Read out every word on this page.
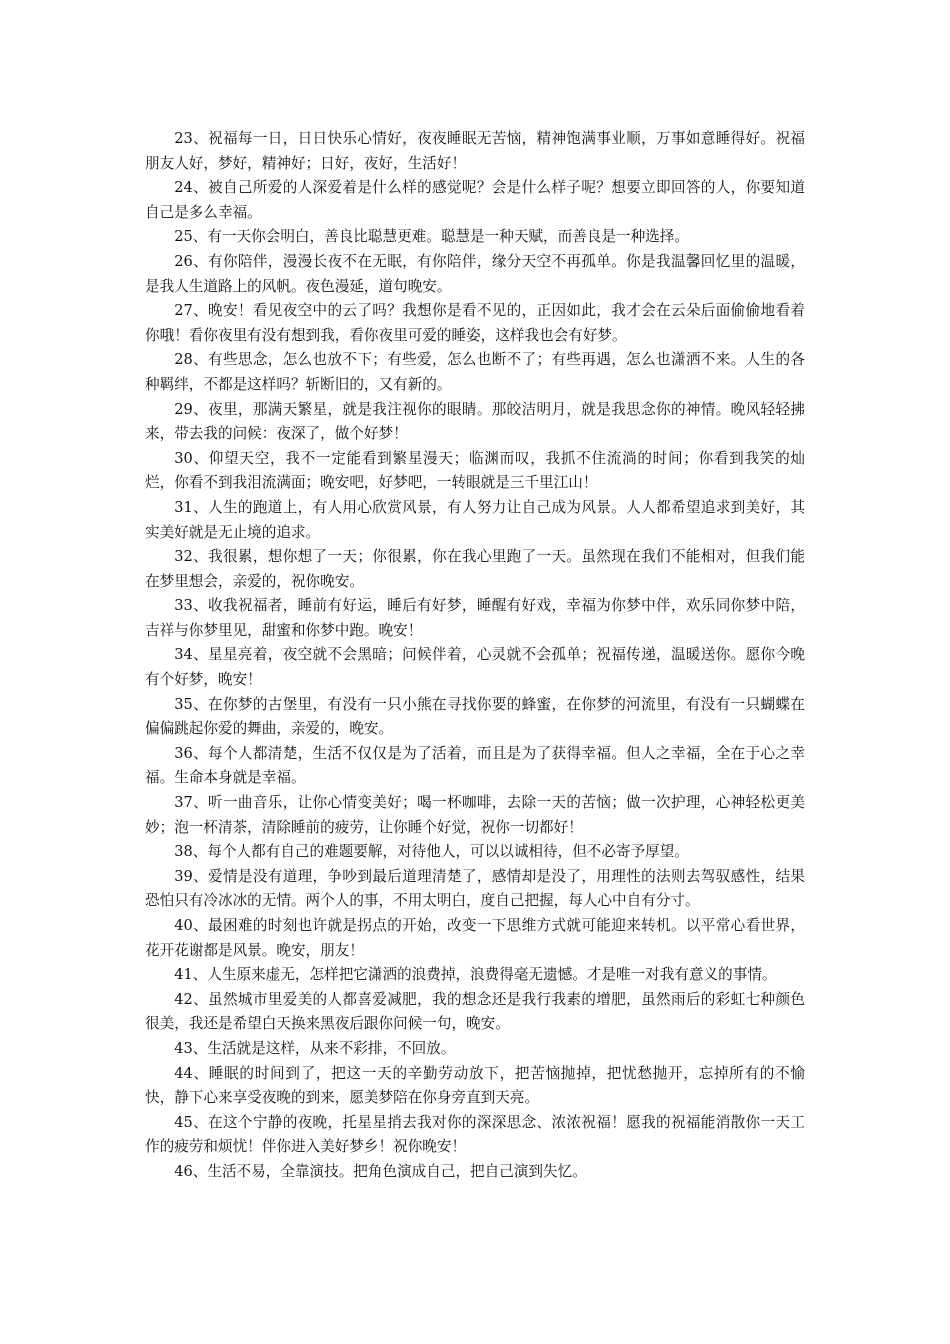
23、祝福每一日，日日快乐心情好，夜夜睡眠无苦恼，精神饱满事业顺，万事如意睡得好。祝福朋友人好，梦好，精神好；日好，夜好，生活好！

24、被自己所爱的人深爱着是什么样的感觉呢？会是什么样子呢？想要立即回答的人，你要知道自己是多么幸福。

25、有一天你会明白，善良比聪慧更难。聪慧是一种天赋，而善良是一种选择。

26、有你陪伴，漫漫长夜不在无眠，有你陪伴，缘分天空不再孤单。你是我温馨回忆里的温暖，是我人生道路上的风帆。夜色漫延，道句晚安。

27、晚安！看见夜空中的云了吗？我想你是看不见的，正因如此，我才会在云朵后面偷偷地看着你哦！看你夜里有没有想到我，看你夜里可爱的睡姿，这样我也会有好梦。

28、有些思念，怎么也放不下；有些爱，怎么也断不了；有些再遇，怎么也潇洒不来。人生的各种羁绊，不都是这样吗？斩断旧的，又有新的。

29、夜里，那满天繁星，就是我注视你的眼睛。那皎洁明月，就是我思念你的神情。晚风轻轻拂来，带去我的问候：夜深了，做个好梦！

30、仰望天空，我不一定能看到繁星漫天；临渊而叹，我抓不住流淌的时间；你看到我笑的灿烂，你看不到我泪流满面；晚安吧，好梦吧，一转眼就是三千里江山！

31、人生的跑道上，有人用心欣赏风景，有人努力让自己成为风景。人人都希望追求到美好，其实美好就是无止境的追求。

32、我很累，想你想了一天；你很累，你在我心里跑了一天。虽然现在我们不能相对，但我们能在梦里想会，亲爱的，祝你晚安。

33、收我祝福者，睡前有好运，睡后有好梦，睡醒有好戏，幸福为你梦中伴，欢乐同你梦中陪，吉祥与你梦里见，甜蜜和你梦中跑。晚安！

34、星星亮着，夜空就不会黑暗；问候伴着，心灵就不会孤单；祝福传递，温暖送你。愿你今晚有个好梦，晚安！

35、在你梦的古堡里，有没有一只小熊在寻找你要的蜂蜜，在你梦的河流里，有没有一只蝴蝶在偏偏跳起你爱的舞曲，亲爱的，晚安。

36、每个人都清楚，生活不仅仅是为了活着，而且是为了获得幸福。但人之幸福，全在于心之幸福。生命本身就是幸福。

37、听一曲音乐，让你心情变美好；喝一杯咖啡，去除一天的苦恼；做一次护理，心神轻松更美妙；泡一杯清茶，清除睡前的疲劳，让你睡个好觉，祝你一切都好！

38、每个人都有自己的难题要解，对待他人，可以以诚相待，但不必寄予厚望。

39、爱情是没有道理，争吵到最后道理清楚了，感情却是没了，用理性的法则去驾驭感性，结果恐怕只有冷冰冰的无情。两个人的事，不用太明白，度自己把握，每人心中自有分寸。

40、最困难的时刻也许就是拐点的开始，改变一下思维方式就可能迎来转机。以平常心看世界，花开花谢都是风景。晚安，朋友！

41、人生原来虚无，怎样把它潇洒的浪费掉，浪费得毫无遗憾。才是唯一对我有意义的事情。

42、虽然城市里爱美的人都喜爱减肥，我的想念还是我行我素的增肥，虽然雨后的彩虹七种颜色很美，我还是希望白天换来黑夜后跟你问候一句，晚安。

43、生活就是这样，从来不彩排，不回放。

44、睡眠的时间到了，把这一天的辛勤劳动放下，把苦恼抛掉，把忧愁抛开，忘掉所有的不愉快，静下心来享受夜晚的到来，愿美梦陪在你身旁直到天亮。

45、在这个宁静的夜晚，托星星捎去我对你的深深思念、浓浓祝福！愿我的祝福能消散你一天工作的疲劳和烦忧！伴你进入美好梦乡！祝你晚安！

46、生活不易，全靠演技。把角色演成自己，把自己演到失忆。
